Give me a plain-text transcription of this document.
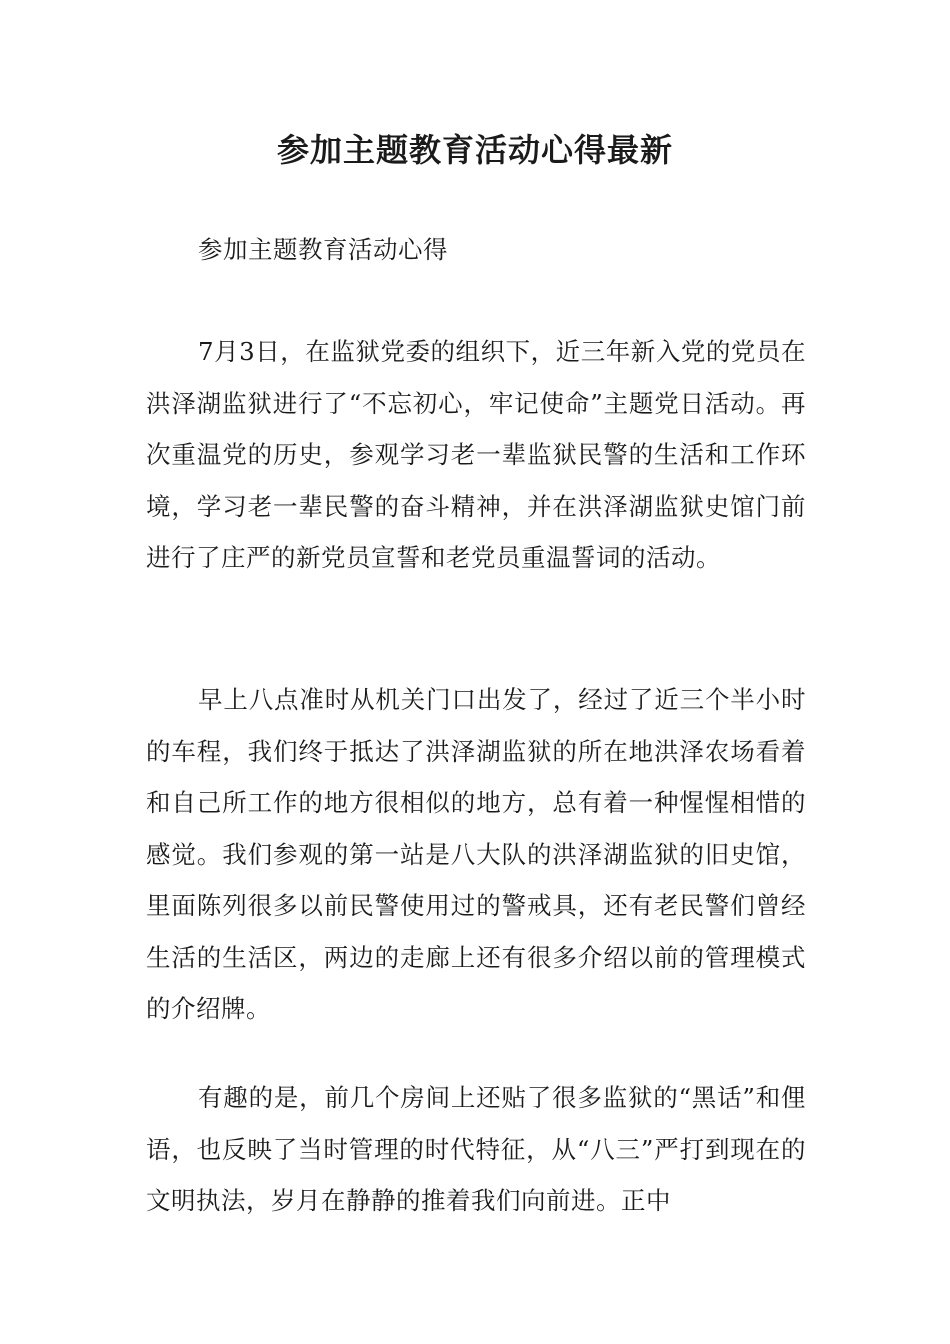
参加主题教育活动心得最新

参加主题教育活动心得

7月3日，在监狱党委的组织下，近三年新入党的党员在洪泽湖监狱进行了“不忘初心，牢记使命”主题党日活动。再次重温党的历史，参观学习老一辈监狱民警的生活和工作环境，学习老一辈民警的奋斗精神，并在洪泽湖监狱史馆门前进行了庄严的新党员宣誓和老党员重温誓词的活动。

早上八点准时从机关门口出发了，经过了近三个半小时的车程，我们终于抵达了洪泽湖监狱的所在地洪泽农场看着和自己所工作的地方很相似的地方，总有着一种惺惺相惜的感觉。我们参观的第一站是八大队的洪泽湖监狱的旧史馆，里面陈列很多以前民警使用过的警戒具，还有老民警们曾经生活的生活区，两边的走廊上还有很多介绍以前的管理模式的介绍牌。

有趣的是，前几个房间上还贴了很多监狱的“黑话”和俚语，也反映了当时管理的时代特征，从“八三”严打到现在的文明执法，岁月在静静的推着我们向前进。正中
